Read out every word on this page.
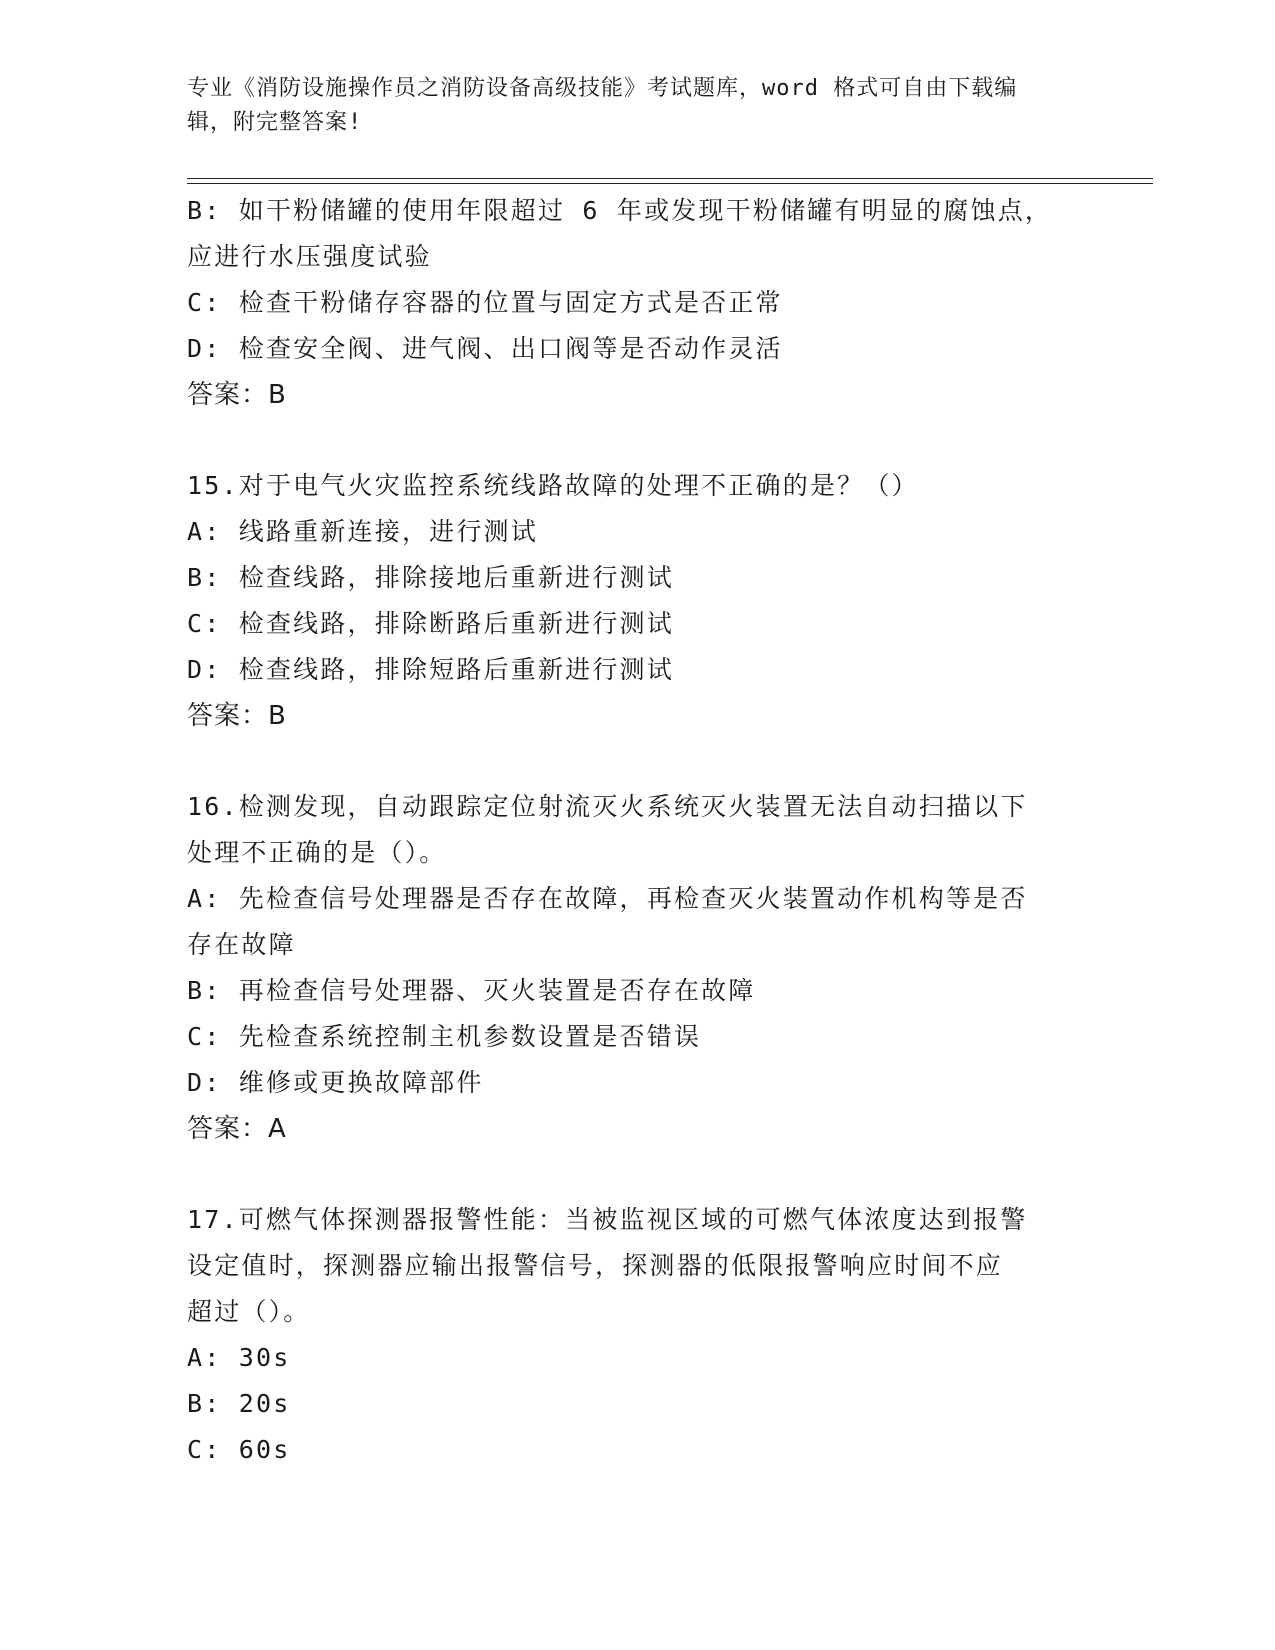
专业《消防设施操作员之消防设备高级技能》考试题库，word 格式可自由下载编
辑，附完整答案!
B: 如干粉储罐的使用年限超过 6 年或发现干粉储罐有明显的腐蚀点，
应进行水压强度试验
C: 检查干粉储存容器的位置与固定方式是否正常
D: 检查安全阀、进气阀、出口阀等是否动作灵活
答案：B
15.对于电气火灾监控系统线路故障的处理不正确的是？（）
A: 线路重新连接，进行测试
B: 检查线路，排除接地后重新进行测试
C: 检查线路，排除断路后重新进行测试
D: 检查线路，排除短路后重新进行测试
答案：B
16.检测发现，自动跟踪定位射流灭火系统灭火装置无法自动扫描以下
处理不正确的是（）。
A: 先检查信号处理器是否存在故障，再检查灭火装置动作机构等是否
存在故障
B: 再检查信号处理器、灭火装置是否存在故障
C: 先检查系统控制主机参数设置是否错误
D: 维修或更换故障部件
答案：A
17.可燃气体探测器报警性能：当被监视区域的可燃气体浓度达到报警
设定值时，探测器应输出报警信号，探测器的低限报警响应时间不应
超过（）。
A: 30s
B: 20s
C: 60s
